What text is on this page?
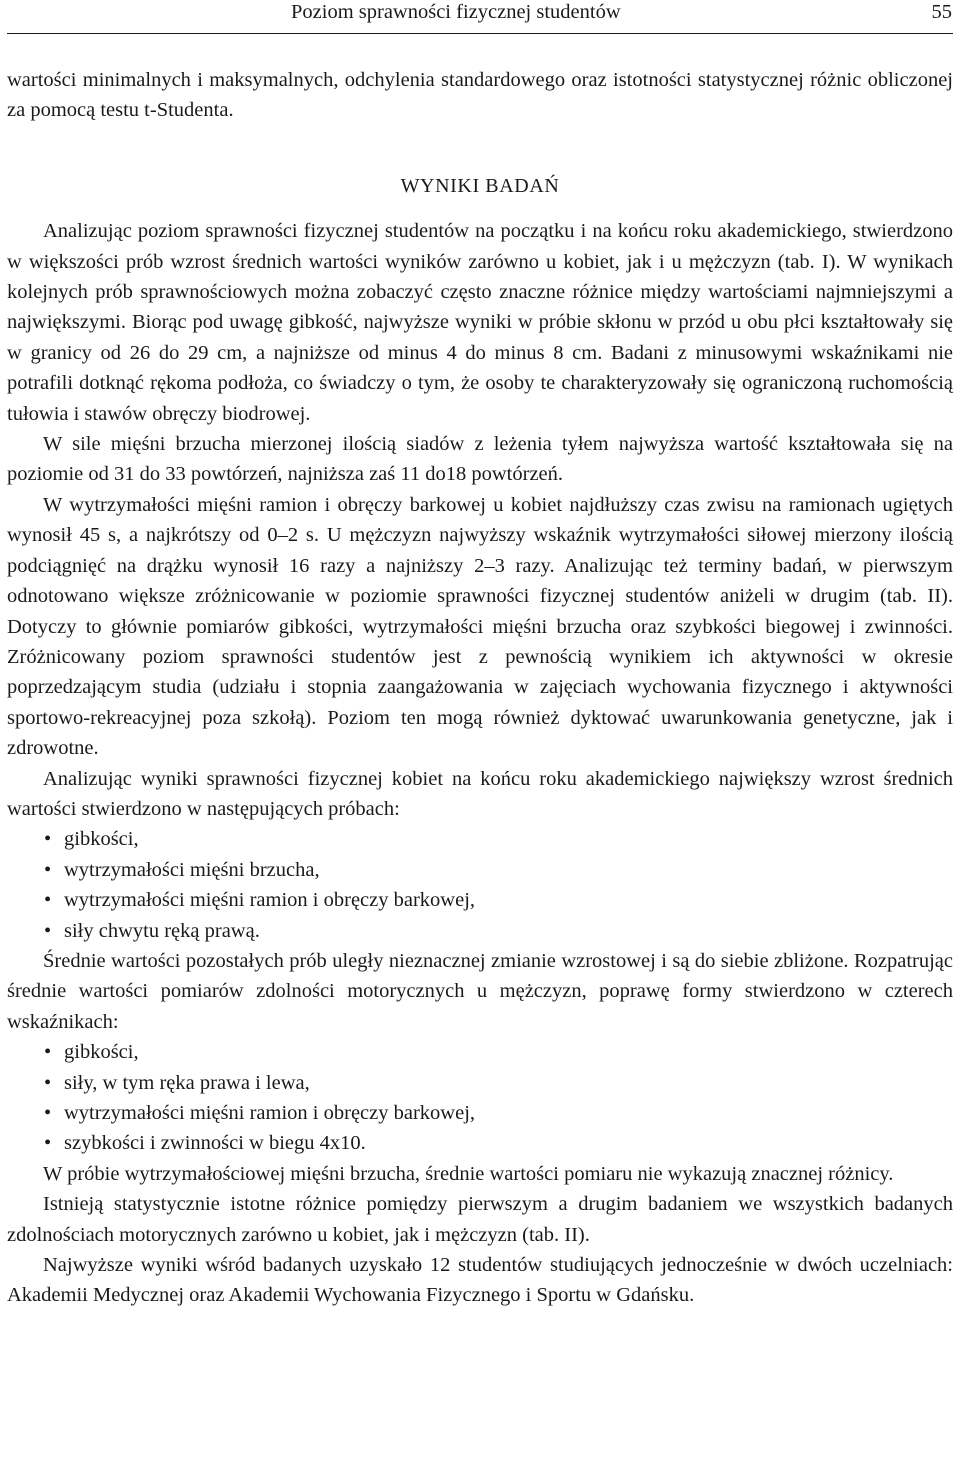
Poziom sprawności fizycznej studentów	55

wartości minimalnych i maksymalnych, odchylenia standardowego oraz istotności statystycznej różnic obliczonej za pomocą testu t-Studenta.

WYNIKI BADAŃ

Analizując poziom sprawności fizycznej studentów na początku i na końcu roku akademickiego, stwierdzono w większości prób wzrost średnich wartości wyników zarówno u kobiet, jak i u mężczyzn (tab. I). W wynikach kolejnych prób sprawnościowych można zobaczyć często znaczne różnice między wartościami najmniejszymi a największymi. Biorąc pod uwagę gibkość, najwyższe wyniki w próbie skłonu w przód u obu płci kształtowały się w granicy od 26 do 29 cm, a najniższe od minus 4 do minus 8 cm. Badani z minusowymi wskaźnikami nie potrafili dotknąć rękoma podłoża, co świadczy o tym, że osoby te charakteryzowały się ograniczoną ruchomością tułowia i stawów obręczy biodrowej.

W sile mięśni brzucha mierzonej ilością siadów z leżenia tyłem najwyższa wartość kształtowała się na poziomie od 31 do 33 powtórzeń, najniższa zaś 11 do18 powtórzeń.

W wytrzymałości mięśni ramion i obręczy barkowej u kobiet najdłuższy czas zwisu na ramionach ugiętych wynosił 45 s, a najkrótszy od 0–2 s. U mężczyzn najwyższy wskaźnik wytrzymałości siłowej mierzony ilością podciągnięć na drążku wynosił 16 razy a najniższy 2–3 razy. Analizując też terminy badań, w pierwszym odnotowano większe zróżnicowanie w poziomie sprawności fizycznej studentów aniżeli w drugim (tab. II). Dotyczy to głównie pomiarów gibkości, wytrzymałości mięśni brzucha oraz szybkości biegowej i zwinności. Zróżnicowany poziom sprawności studentów jest z pewnością wynikiem ich aktywności w okresie poprzedzającym studia (udziału i stopnia zaangażowania w zajęciach wychowania fizycznego i aktywności sportowo-rekreacyjnej poza szkołą). Poziom ten mogą również dyktować uwarunkowania genetyczne, jak i zdrowotne.

Analizując wyniki sprawności fizycznej kobiet na końcu roku akademickiego największy wzrost średnich wartości stwierdzono w następujących próbach:

• gibkości,
• wytrzymałości mięśni brzucha,
• wytrzymałości mięśni ramion i obręczy barkowej,
• siły chwytu ręką prawą.

Średnie wartości pozostałych prób uległy nieznacznej zmianie wzrostowej i są do siebie zbliżone. Rozpatrując średnie wartości pomiarów zdolności motorycznych u mężczyzn, poprawę formy stwierdzono w czterech wskaźnikach:

• gibkości,
• siły, w tym ręka prawa i lewa,
• wytrzymałości mięśni ramion i obręczy barkowej,
• szybkości i zwinności w biegu 4x10.

W próbie wytrzymałościowej mięśni brzucha, średnie wartości pomiaru nie wykazują znacznej różnicy.

Istnieją statystycznie istotne różnice pomiędzy pierwszym a drugim badaniem we wszystkich badanych zdolnościach motorycznych zarówno u kobiet, jak i mężczyzn (tab. II).

Najwyższe wyniki wśród badanych uzyskało 12 studentów studiujących jednocześnie w dwóch uczelniach: Akademii Medycznej oraz Akademii Wychowania Fizycznego i Sportu w Gdańsku.
